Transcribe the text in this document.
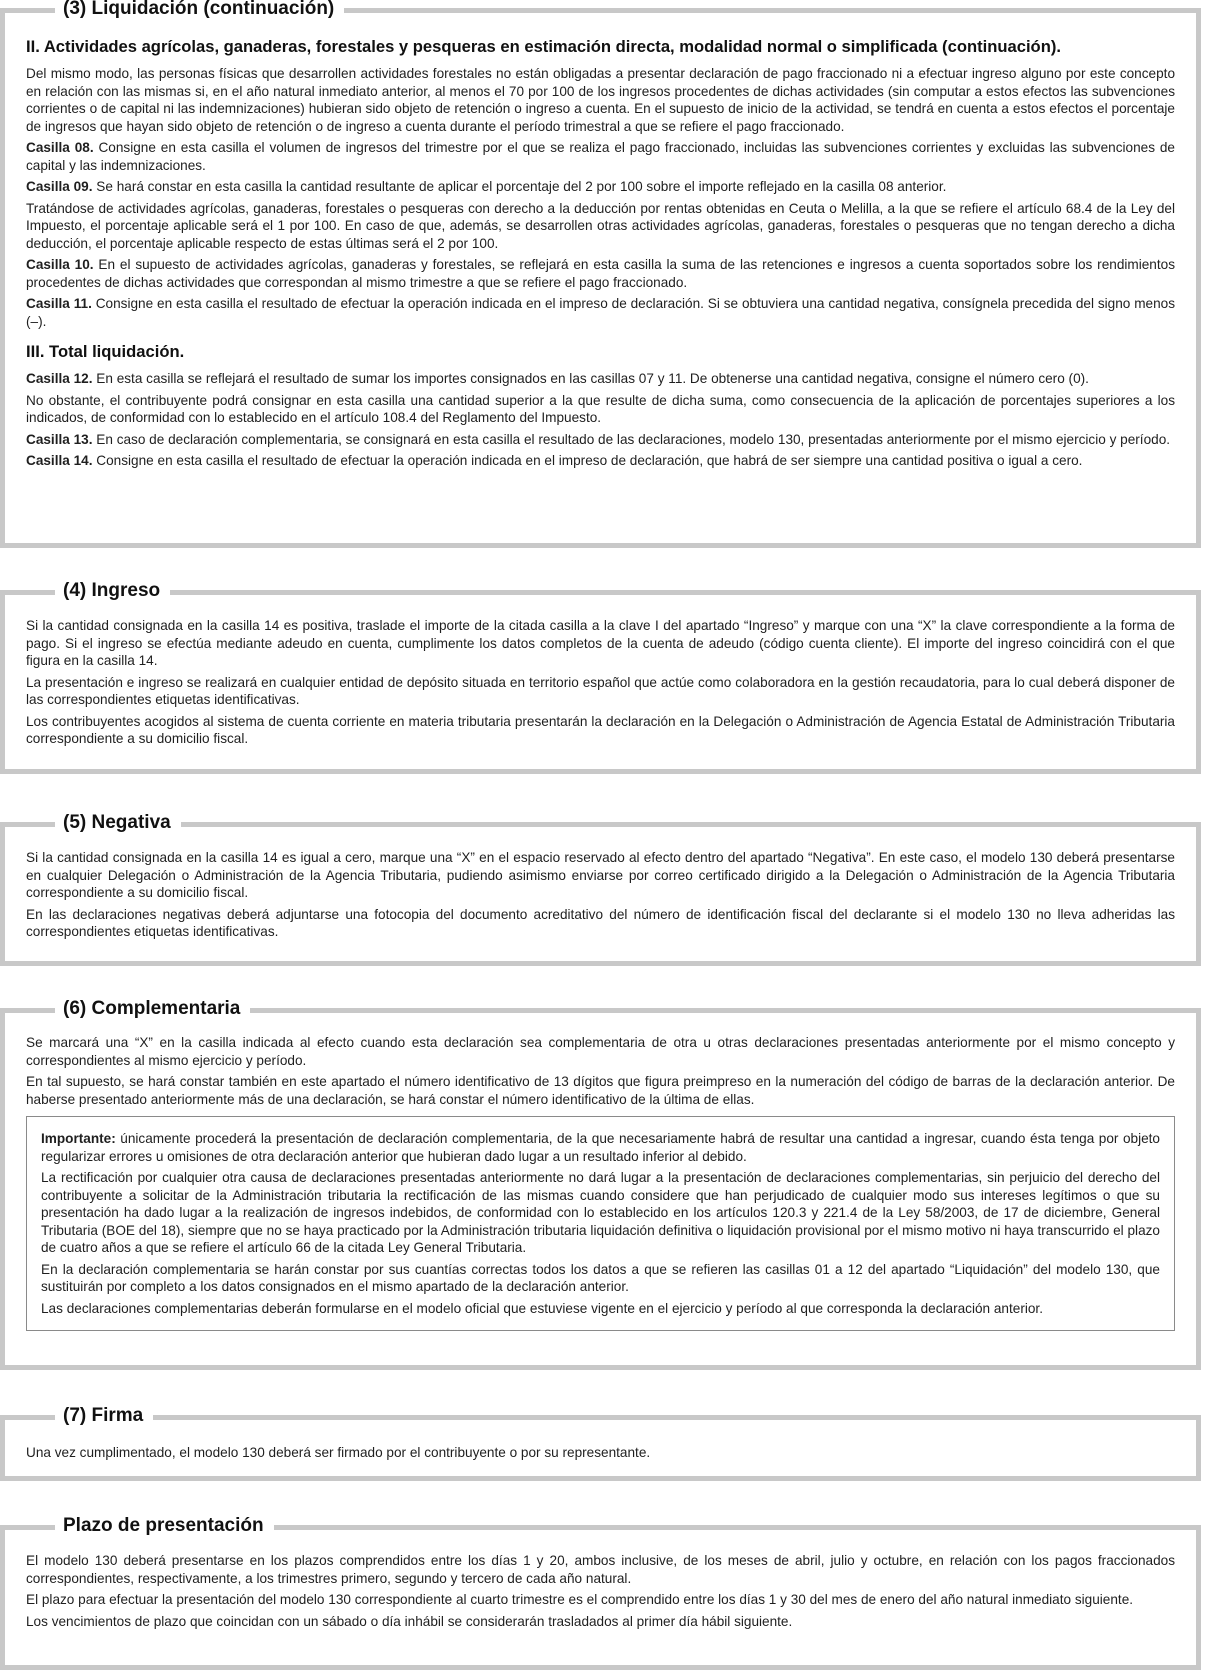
(3) Liquidación (continuación)
II. Actividades agrícolas, ganaderas, forestales y pesqueras en estimación directa, modalidad normal o simplificada (continuación).
Del mismo modo, las personas físicas que desarrollen actividades forestales no están obligadas a presentar declaración de pago fraccionado ni a efectuar ingreso alguno por este concepto en relación con las mismas si, en el año natural inmediato anterior, al menos el 70 por 100 de los ingresos procedentes de dichas actividades (sin computar a estos efectos las subvenciones corrientes o de capital ni las indemnizaciones) hubieran sido objeto de retención o ingreso a cuenta. En el supuesto de inicio de la actividad, se tendrá en cuenta a estos efectos el porcentaje de ingresos que hayan sido objeto de retención o de ingreso a cuenta durante el período trimestral a que se refiere el pago fraccionado.
Casilla 08. Consigne en esta casilla el volumen de ingresos del trimestre por el que se realiza el pago fraccionado, incluidas las subvenciones corrientes y excluidas las subvenciones de capital y las indemnizaciones.
Casilla 09. Se hará constar en esta casilla la cantidad resultante de aplicar el porcentaje del 2 por 100 sobre el importe reflejado en la casilla 08 anterior.
Tratándose de actividades agrícolas, ganaderas, forestales o pesqueras con derecho a la deducción por rentas obtenidas en Ceuta o Melilla, a la que se refiere el artículo 68.4 de la Ley del Impuesto, el porcentaje aplicable será el 1 por 100. En caso de que, además, se desarrollen otras actividades agrícolas, ganaderas, forestales o pesqueras que no tengan derecho a dicha deducción, el porcentaje aplicable respecto de estas últimas será el 2 por 100.
Casilla 10. En el supuesto de actividades agrícolas, ganaderas y forestales, se reflejará en esta casilla la suma de las retenciones e ingresos a cuenta soportados sobre los rendimientos procedentes de dichas actividades que correspondan al mismo trimestre a que se refiere el pago fraccionado.
Casilla 11. Consigne en esta casilla el resultado de efectuar la operación indicada en el impreso de declaración. Si se obtuviera una cantidad negativa, consígnela precedida del signo menos (–).
III. Total liquidación.
Casilla 12. En esta casilla se reflejará el resultado de sumar los importes consignados en las casillas 07 y 11. De obtenerse una cantidad negativa, consigne el número cero (0).
No obstante, el contribuyente podrá consignar en esta casilla una cantidad superior a la que resulte de dicha suma, como consecuencia de la aplicación de porcentajes superiores a los indicados, de conformidad con lo establecido en el artículo 108.4 del Reglamento del Impuesto.
Casilla 13. En caso de declaración complementaria, se consignará en esta casilla el resultado de las declaraciones, modelo 130, presentadas anteriormente por el mismo ejercicio y período.
Casilla 14. Consigne en esta casilla el resultado de efectuar la operación indicada en el impreso de declaración, que habrá de ser siempre una cantidad positiva o igual a cero.
(4) Ingreso
Si la cantidad consignada en la casilla 14 es positiva, traslade el importe de la citada casilla a la clave I del apartado “Ingreso” y marque con una “X” la clave correspondiente a la forma de pago. Si el ingreso se efectúa mediante adeudo en cuenta, cumplimente los datos completos de la cuenta de adeudo (código cuenta cliente). El importe del ingreso coincidirá con el que figura en la casilla 14.
La presentación e ingreso se realizará en cualquier entidad de depósito situada en territorio español que actúe como colaboradora en la gestión recaudatoria, para lo cual deberá disponer de las correspondientes etiquetas identificativas.
Los contribuyentes acogidos al sistema de cuenta corriente en materia tributaria presentarán la declaración en la Delegación o Administración de Agencia Estatal de Administración Tributaria correspondiente a su domicilio fiscal.
(5) Negativa
Si la cantidad consignada en la casilla 14 es igual a cero, marque una “X” en el espacio reservado al efecto dentro del apartado “Negativa”. En este caso, el modelo 130 deberá presentarse en cualquier Delegación o Administración de la Agencia Tributaria, pudiendo asimismo enviarse por correo certificado dirigido a la Delegación o Administración de la Agencia Tributaria correspondiente a su domicilio fiscal.
En las declaraciones negativas deberá adjuntarse una fotocopia del documento acreditativo del número de identificación fiscal del declarante si el modelo 130 no lleva adheridas las correspondientes etiquetas identificativas.
(6) Complementaria
Se marcará una “X” en la casilla indicada al efecto cuando esta declaración sea complementaria de otra u otras declaraciones presentadas anteriormente por el mismo concepto y correspondientes al mismo ejercicio y período.
En tal supuesto, se hará constar también en este apartado el número identificativo de 13 dígitos que figura preimpreso en la numeración del código de barras de la declaración anterior. De haberse presentado anteriormente más de una declaración, se hará constar el número identificativo de la última de ellas.
Importante: únicamente procederá la presentación de declaración complementaria, de la que necesariamente habrá de resultar una cantidad a ingresar, cuando ésta tenga por objeto regularizar errores u omisiones de otra declaración anterior que hubieran dado lugar a un resultado inferior al debido.
La rectificación por cualquier otra causa de declaraciones presentadas anteriormente no dará lugar a la presentación de declaraciones complementarias, sin perjuicio del derecho del contribuyente a solicitar de la Administración tributaria la rectificación de las mismas cuando considere que han perjudicado de cualquier modo sus intereses legítimos o que su presentación ha dado lugar a la realización de ingresos indebidos, de conformidad con lo establecido en los artículos 120.3 y 221.4 de la Ley 58/2003, de 17 de diciembre, General Tributaria (BOE del 18), siempre que no se haya practicado por la Administración tributaria liquidación definitiva o liquidación provisional por el mismo motivo ni haya transcurrido el plazo de cuatro años a que se refiere el artículo 66 de la citada Ley General Tributaria.
En la declaración complementaria se harán constar por sus cuantías correctas todos los datos a que se refieren las casillas 01 a 12 del apartado “Liquidación” del modelo 130, que sustituirán por completo a los datos consignados en el mismo apartado de la declaración anterior.
Las declaraciones complementarias deberán formularse en el modelo oficial que estuviese vigente en el ejercicio y período al que corresponda la declaración anterior.
(7) Firma
Una vez cumplimentado, el modelo 130 deberá ser firmado por el contribuyente o por su representante.
Plazo de presentación
El modelo 130 deberá presentarse en los plazos comprendidos entre los días 1 y 20, ambos inclusive, de los meses de abril, julio y octubre, en relación con los pagos fraccionados correspondientes, respectivamente, a los trimestres primero, segundo y tercero de cada año natural.
El plazo para efectuar la presentación del modelo 130 correspondiente al cuarto trimestre es el comprendido entre los días 1 y 30 del mes de enero del año natural inmediato siguiente.
Los vencimientos de plazo que coincidan con un sábado o día inhábil se considerarán trasladados al primer día hábil siguiente.
